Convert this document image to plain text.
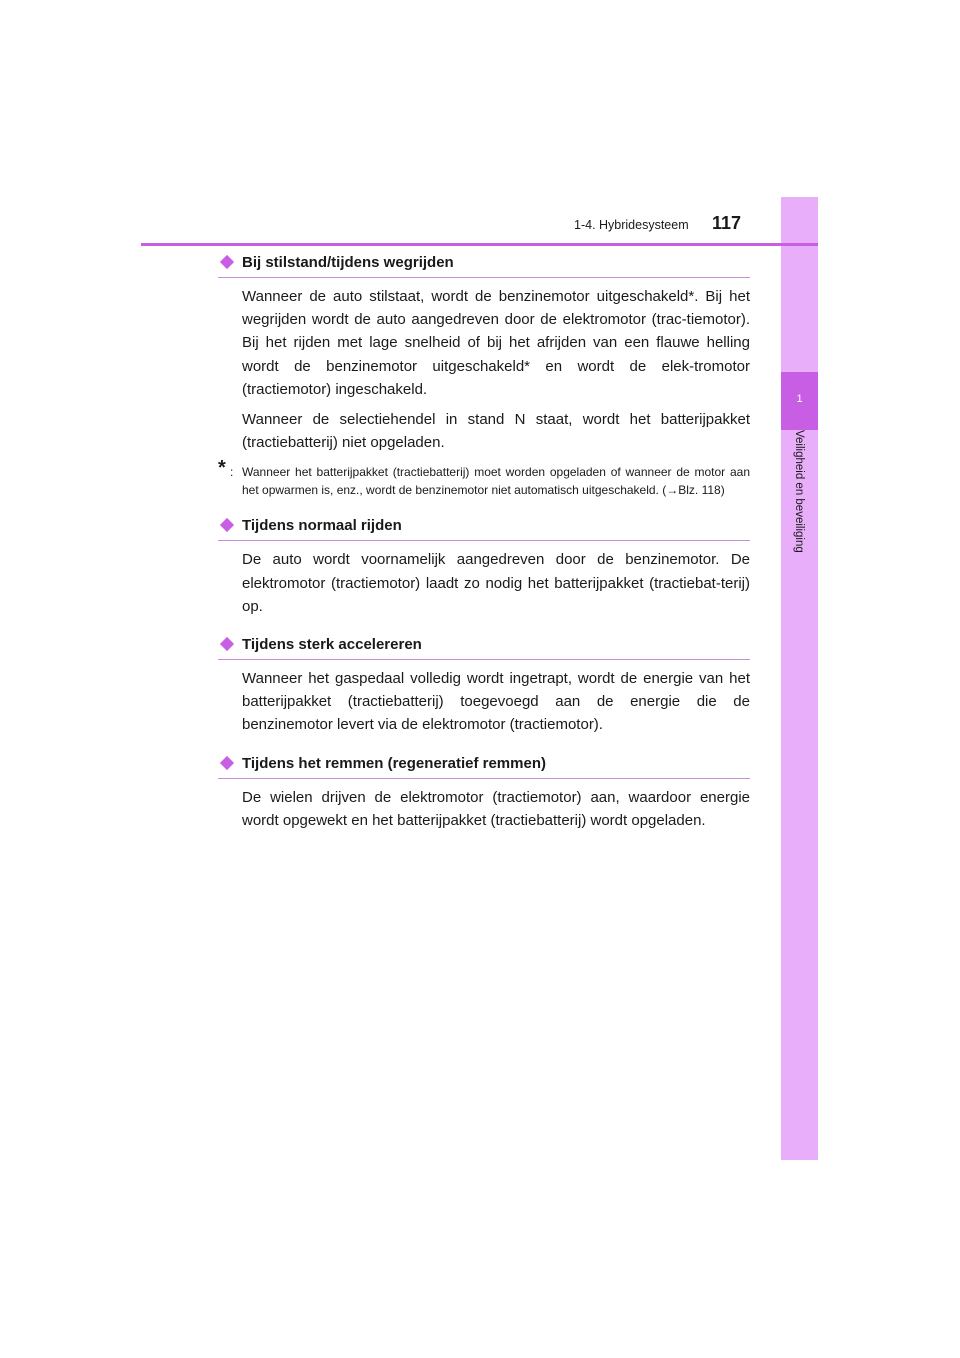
1
Veiligheid en beveiliging
1-4. Hybridesysteem	117
Bij stilstand/tijdens wegrijden

Wanneer de auto stilstaat, wordt de benzinemotor uitgeschakeld*. Bij het wegrijden wordt de auto aangedreven door de elektromotor (trac-tiemotor). Bij het rijden met lage snelheid of bij het afrijden van een flauwe helling wordt de benzinemotor uitgeschakeld* en wordt de elek-tromotor (tractiemotor) ingeschakeld.

Wanneer de selectiehendel in stand N staat, wordt het batterijpakket (tractiebatterij) niet opgeladen.

* : Wanneer het batterijpakket (tractiebatterij) moet worden opgeladen of wanneer de motor aan het opwarmen is, enz., wordt de benzinemotor niet automatisch uitgeschakeld. (→Blz. 118)
Tijdens normaal rijden

De auto wordt voornamelijk aangedreven door de benzinemotor. De elektromotor (tractiemotor) laadt zo nodig het batterijpakket (tractiebat-terij) op.

Tijdens sterk accelereren

Wanneer het gaspedaal volledig wordt ingetrapt, wordt de energie van het batterijpakket (tractiebatterij) toegevoegd aan de energie die de benzinemotor levert via de elektromotor (tractiemotor).

Tijdens het remmen (regeneratief remmen)

De wielen drijven de elektromotor (tractiemotor) aan, waardoor energie wordt opgewekt en het batterijpakket (tractiebatterij) wordt opgeladen.
